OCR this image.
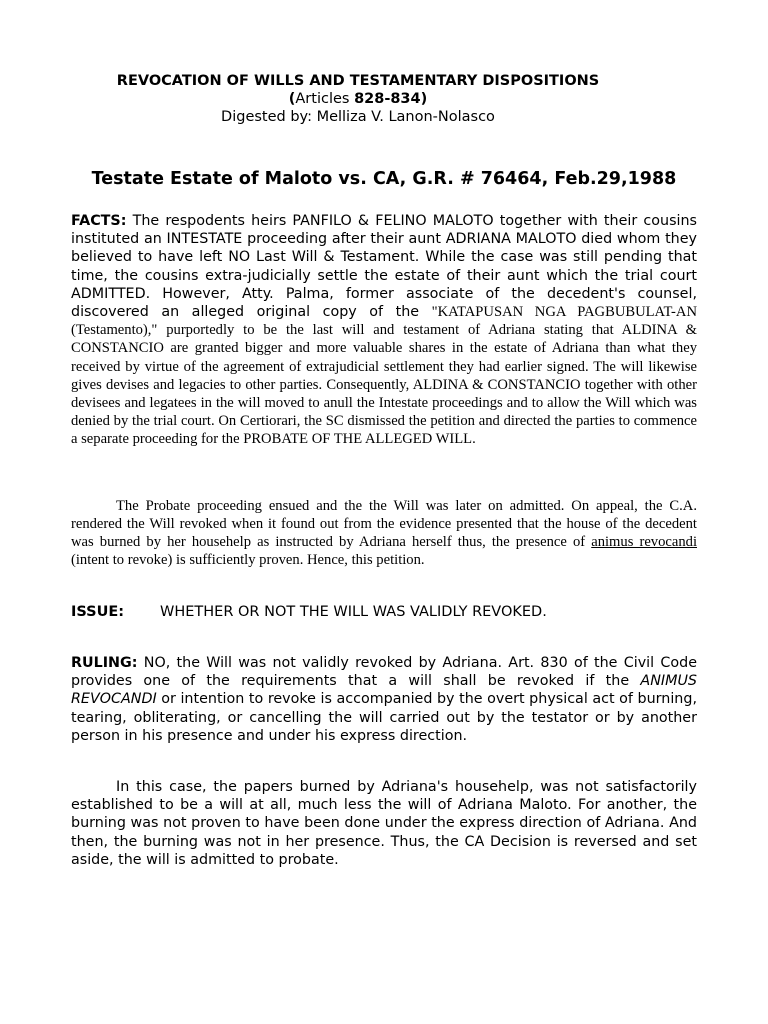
REVOCATION OF WILLS AND TESTAMENTARY DISPOSITIONS
(Articles 828-834)
Digested by: Melliza V. Lanon-Nolasco
Testate Estate of Maloto vs. CA, G.R. # 76464, Feb.29,1988
FACTS: The respodents heirs PANFILO & FELINO MALOTO together with their cousins instituted an INTESTATE proceeding after their aunt ADRIANA MALOTO died whom they believed to have left NO Last Will & Testament. While the case was still pending that time, the cousins extra-judicially settle the estate of their aunt which the trial court ADMITTED. However, Atty. Palma, former associate of the decedent's counsel, discovered an alleged original copy of the "KATAPUSAN NGA PAGBUBULAT-AN (Testamento)," purportedly to be the last will and testament of Adriana stating that ALDINA & CONSTANCIO are granted bigger and more valuable shares in the estate of Adriana than what they received by virtue of the agreement of extrajudicial settlement they had earlier signed. The will likewise gives devises and legacies to other parties. Consequently, ALDINA & CONSTANCIO together with other devisees and legatees in the will moved to anull the Intestate proceedings and to allow the Will which was denied by the trial court. On Certiorari, the SC dismissed the petition and directed the parties to commence a separate proceeding for the PROBATE OF THE ALLEGED WILL.
The Probate proceeding ensued and the the Will was later on admitted. On appeal, the C.A. rendered the Will revoked when it found out from the evidence presented that the house of the decedent was burned by her househelp as instructed by Adriana herself thus, the presence of animus revocandi (intent to revoke) is sufficiently proven. Hence, this petition.
ISSUE: WHETHER OR NOT THE WILL WAS VALIDLY REVOKED.
RULING: NO, the Will was not validly revoked by Adriana. Art. 830 of the Civil Code provides one of the requirements that a will shall be revoked if the ANIMUS REVOCANDI or intention to revoke is accompanied by the overt physical act of burning, tearing, obliterating, or cancelling the will carried out by the testator or by another person in his presence and under his express direction.
In this case, the papers burned by Adriana's househelp, was not satisfactorily established to be a will at all, much less the will of Adriana Maloto. For another, the burning was not proven to have been done under the express direction of Adriana. And then, the burning was not in her presence. Thus, the CA Decision is reversed and set aside, the will is admitted to probate.
